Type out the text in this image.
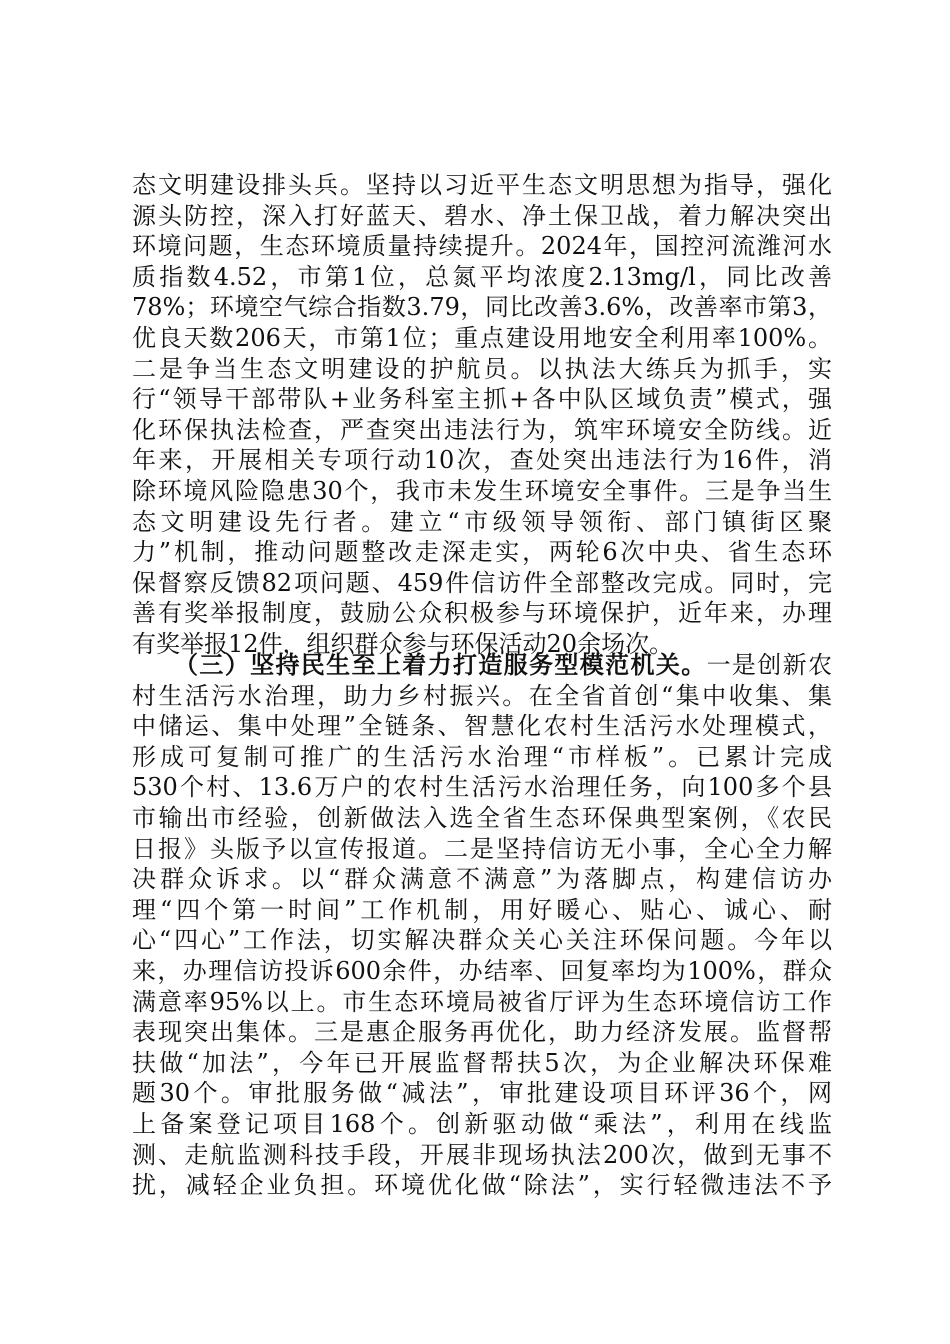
态文明建设排头兵。坚持以习近平生态文明思想为指导，强化
源头防控，深入打好蓝天、碧水、净土保卫战，着力解决突出
环境问题，生态环境质量持续提升。2024年，国控河流潍河水
质指数4.52，市第1位，总氮平均浓度2.13mg/l，同比改善
78%；环境空气综合指数3.79，同比改善3.6%，改善率市第3，
优良天数206天，市第1位；重点建设用地安全利用率100%。
二是争当生态文明建设的护航员。以执法大练兵为抓手，实
行“领导干部带队+业务科室主抓+各中队区域负责”模式，强
化环保执法检查，严查突出违法行为，筑牢环境安全防线。近
年来，开展相关专项行动10次，查处突出违法行为16件，消
除环境风险隐患30个，我市未发生环境安全事件。三是争当生
态文明建设先行者。建立“市级领导领衔、部门镇街区聚
力”机制，推动问题整改走深走实，两轮6次中央、省生态环
保督察反馈82项问题、459件信访件全部整改完成。同时，完
善有奖举报制度，鼓励公众积极参与环境保护，近年来，办理
有奖举报12件，组织群众参与环保活动20余场次。
（三）坚持民生至上着力打造服务型模范机关。一是创新农
村生活污水治理，助力乡村振兴。在全省首创“集中收集、集
中储运、集中处理”全链条、智慧化农村生活污水处理模式，
形成可复制可推广的生活污水治理“市样板”。已累计完成
530个村、13.6万户的农村生活污水治理任务，向100多个县
市输出市经验，创新做法入选全省生态环保典型案例，《农民
日报》头版予以宣传报道。二是坚持信访无小事，全心全力解
决群众诉求。以“群众满意不满意”为落脚点，构建信访办
理“四个第一时间”工作机制，用好暖心、贴心、诚心、耐
心“四心”工作法，切实解决群众关心关注环保问题。今年以
来，办理信访投诉600余件，办结率、回复率均为100%，群众
满意率95%以上。市生态环境局被省厅评为生态环境信访工作
表现突出集体。三是惠企服务再优化，助力经济发展。监督帮
扶做“加法”，今年已开展监督帮扶5次，为企业解决环保难
题30个。审批服务做“减法”，审批建设项目环评36个，网
上备案登记项目168个。创新驱动做“乘法”，利用在线监
测、走航监测科技手段，开展非现场执法200次，做到无事不
扰，减轻企业负担。环境优化做“除法”，实行轻微违法不予
